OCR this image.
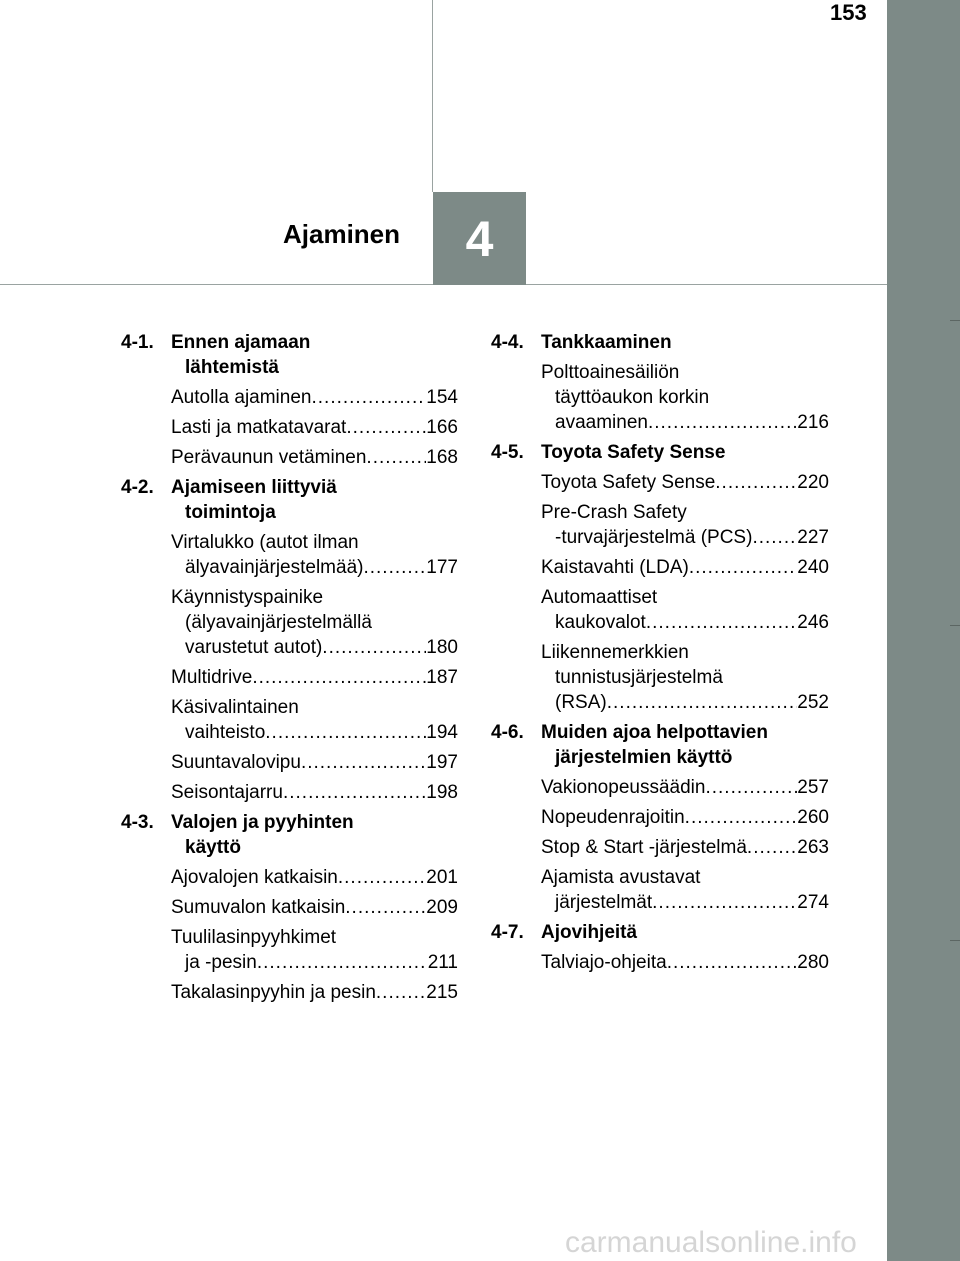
153
4
Ajaminen
4-1. Ennen ajamaan
lähtemistä
Autolla ajaminen .....	154
Lasti ja matkatavarat .....	166
Perävaunun vetäminen .....	168
4-2. Ajamiseen liittyviä
toimintoja
Virtalukko (autot ilman
älyavainjärjestelmää) .....	177
Käynnistyspainike
(älyavainjärjestelmällä
varustetut autot) .....	180
Multidrive .....	187
Käsivalintainen
vaihteisto .....	194
Suuntavalovipu .....	197
Seisontajarru .....	198
4-3. Valojen ja pyyhinten
käyttö
Ajovalojen katkaisin .....	201
Sumuvalon katkaisin .....	209
Tuulilasinpyyhkimet
ja -pesin .....	211
Takalasinpyyhin ja pesin .....	215
4-4. Tankkaaminen
Polttoainesäiliön
täyttöaukon korkin
avaaminen .....	216
4-5. Toyota Safety Sense
Toyota Safety Sense .....	220
Pre-Crash Safety
-turvajärjestelmä (PCS) ..... 227
Kaistavahti (LDA) .....	240
Automaattiset
kaukovalot .....	246
Liikennemerkkien
tunnistusjärjestelmä
(RSA) .....	252
4-6. Muiden ajoa helpottavien
järjestelmien käyttö
Vakionopeussäädin .....	257
Nopeudenrajoitin .....	260
Stop & Start -järjestelmä .....	263
Ajamista avustavat
järjestelmät .....	274
4-7. Ajovihjeitä
Talviajo-ohjeita .....	280
carmanualsonline.info
